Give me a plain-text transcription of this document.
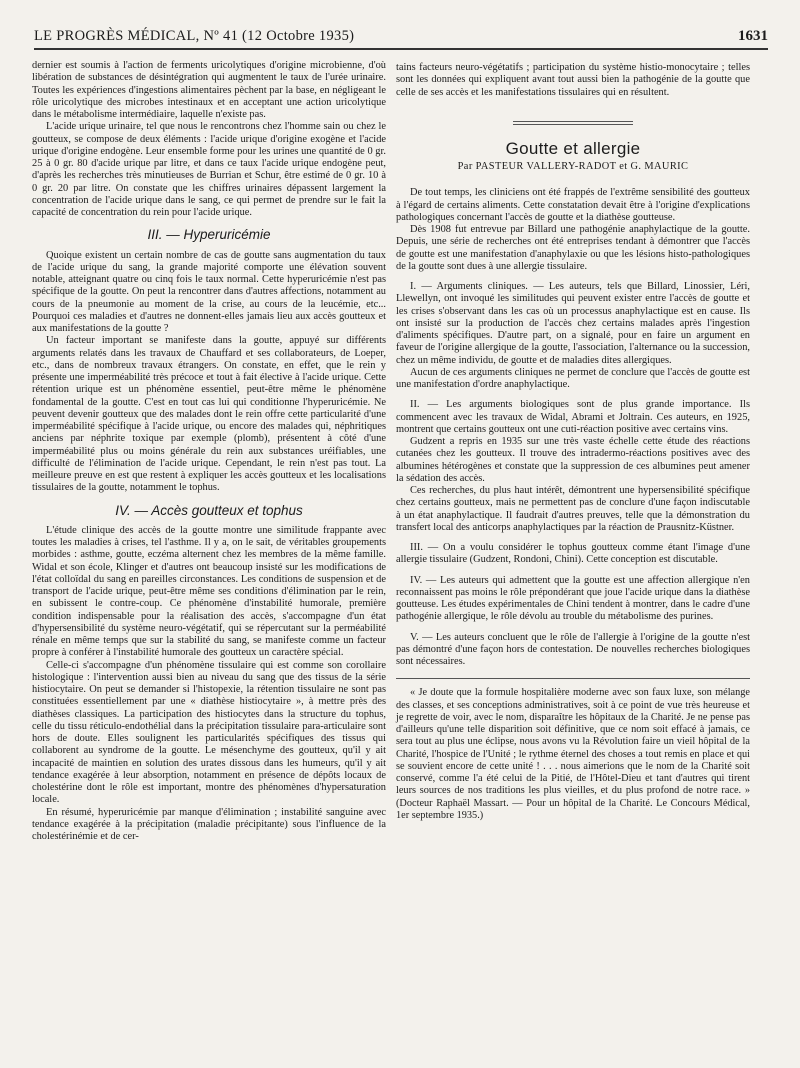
LE PROGRÈS MÉDICAL, Nº 41 (12 Octobre 1935)	1631

dernier est soumis à l'action de ferments uricolytiques d'origine microbienne, d'où libération de substances de désintégration qui augmentent le taux de l'urée urinaire. Toutes les expériences d'ingestions alimentaires pèchent par la base, en négligeant le rôle uricolytique des microbes intestinaux et en acceptant une action uricolytique dans le métabolisme intermédiaire, laquelle n'existe pas.

L'acide urique urinaire, tel que nous le rencontrons chez l'homme sain ou chez le goutteux, se compose de deux éléments : l'acide urique d'origine exogène et l'acide urique d'origine endogène. Leur ensemble forme pour les urines une quantité de 0 gr. 25 à 0 gr. 80 d'acide urique par litre, et dans ce taux l'acide urique endogène peut, d'après les recherches très minutieuses de Burrian et Schur, être estimé de 0 gr. 10 à 0 gr. 20 par litre. On constate que les chiffres urinaires dépassent largement la concentration de l'acide urique dans le sang, ce qui permet de prendre sur le fait la capacité de concentration du rein pour l'acide urique.

III. — Hyperuricémie

Quoique existent un certain nombre de cas de goutte sans augmentation du taux de l'acide urique du sang, la grande majorité comporte une élévation souvent notable, atteignant quatre ou cinq fois le taux normal. Cette hyperuricémie n'est pas spécifique de la goutte. On peut la rencontrer dans d'autres affections, notamment au cours de la pneumonie au moment de la crise, au cours de la leucémie, etc... Pourquoi ces maladies et d'autres ne donnent-elles jamais lieu aux accès goutteux et aux manifestations de la goutte ?

Un facteur important se manifeste dans la goutte, appuyé sur différents arguments relatés dans les travaux de Chauffard et ses collaborateurs, de Loeper, etc., dans de nombreux travaux étrangers. On constate, en effet, que le rein y présente une imperméabilité très précoce et tout à fait élective à l'acide urique. Cette rétention urique est un phénomène essentiel, peut-être même le phénomène fondamental de la goutte. C'est en tout cas lui qui conditionne l'hyperuricémie. Ne peuvent devenir goutteux que des malades dont le rein offre cette particularité d'une imperméabilité spécifique à l'acide urique, ou encore des malades qui, néphritiques anciens par néphrite toxique par exemple (plomb), présentent à côté d'une imperméabilité plus ou moins générale du rein aux substances uréifiables, une difficulté de l'élimination de l'acide urique. Cependant, le rein n'est pas tout. La meilleure preuve en est que restent à expliquer les accès goutteux et les localisations tissulaires de la goutte, notamment le tophus.

IV. — Accès goutteux et tophus

L'étude clinique des accès de la goutte montre une similitude frappante avec toutes les maladies à crises, tel l'asthme. Il y a, on le sait, de véritables groupements morbides : asthme, goutte, eczéma alternent chez les membres de la même famille. Widal et son école, Klinger et d'autres ont beaucoup insisté sur les modifications de l'état colloïdal du sang en pareilles circonstances. Les conditions de suspension et de transport de l'acide urique, peut-être même ses conditions d'élimination par le rein, en subissent le contre-coup. Ce phénomène d'instabilité humorale, première condition indispensable pour la réalisation des accès, s'accompagne d'un état d'hypersensibilité du système neuro-végétatif, qui se répercutant sur la perméabilité rénale en même temps que sur la stabilité du sang, se manifeste comme un facteur propre à conférer à l'instabilité humorale des goutteux un caractère spécial.

Celle-ci s'accompagne d'un phénomène tissulaire qui est comme son corollaire histologique : l'intervention aussi bien au niveau du sang que des tissus de la série histiocytaire. On peut se demander si l'histopexie, la rétention tissulaire ne sont pas constituées essentiellement par une « diathèse histiocytaire », à mettre près des diathèses classiques. La participation des histiocytes dans la structure du tophus, celle du tissu réticulo-endothélial dans la précipitation tissulaire para-articulaire sont hors de doute. Elles soulignent les particularités spécifiques des tissus qui collaborent au syndrome de la goutte. Le mésenchyme des goutteux, qu'il y ait incapacité de maintien en solution des urates dissous dans les humeurs, qu'il y ait tendance exagérée à leur absorption, notamment en présence de dépôts locaux de cholestérine dont le rôle est important, montre des phénomènes d'hypersaturation locale.

En résumé, hyperuricémie par manque d'élimination ; instabilité sanguine avec tendance exagérée à la précipitation (maladie précipitante) sous l'influence de la cholestérinémie et de cer-

tains facteurs neuro-végétatifs ; participation du système histio-monocytaire ; telles sont les données qui expliquent avant tout aussi bien la pathogénie de la goutte que celle de ses accès et les manifestations tissulaires qui en résultent.

Goutte et allergie
Par PASTEUR VALLERY-RADOT et G. MAURIC

De tout temps, les cliniciens ont été frappés de l'extrême sensibilité des goutteux à l'égard de certains aliments. Cette constatation devait être à l'origine d'explications pathologiques concernant l'accès de goutte et la diathèse goutteuse.

Dès 1908 fut entrevue par Billard une pathogénie anaphylactique de la goutte. Depuis, une série de recherches ont été entreprises tendant à démontrer que l'accès de goutte est une manifestation d'anaphylaxie ou que les lésions histo-pathologiques de la goutte sont dues à une allergie tissulaire.

I. — Arguments cliniques. — Les auteurs, tels que Billard, Linossier, Léri, Llewellyn, ont invoqué les similitudes qui peuvent exister entre l'accès de goutte et les crises s'observant dans les cas où un processus anaphylactique est en cause. Ils ont insisté sur la production de l'accès chez certains malades après l'ingestion d'aliments spécifiques. D'autre part, on a signalé, pour en faire un argument en faveur de l'origine allergique de la goutte, l'association, l'alternance ou la succession, chez un même individu, de goutte et de maladies dites allergiques.

Aucun de ces arguments cliniques ne permet de conclure que l'accès de goutte est une manifestation d'ordre anaphylactique.

II. — Les arguments biologiques sont de plus grande importance. Ils commencent avec les travaux de Widal, Abrami et Joltrain. Ces auteurs, en 1925, montrent que certains goutteux ont une cuti-réaction positive avec certains vins.

Gudzent a repris en 1935 sur une très vaste échelle cette étude des réactions cutanées chez les goutteux. Il trouve des intradermo-réactions positives avec des albumines hétérogènes et constate que la suppression de ces albumines peut amener la sédation des accès.

Ces recherches, du plus haut intérêt, démontrent une hypersensibilité spécifique chez certains goutteux, mais ne permettent pas de conclure d'une façon indiscutable à un état anaphylactique. Il faudrait d'autres preuves, telle que la démonstration du transfert local des anticorps anaphylactiques par la réaction de Prausnitz-Küstner.

III. — On a voulu considérer le tophus goutteux comme étant l'image d'une allergie tissulaire (Gudzent, Rondoni, Chini). Cette conception est discutable.

IV. — Les auteurs qui admettent que la goutte est une affection allergique n'en reconnaissent pas moins le rôle prépondérant que joue l'acide urique dans la diathèse goutteuse. Les études expérimentales de Chini tendent à montrer, dans le cadre d'une pathogénie allergique, le rôle dévolu au trouble du métabolisme des purines.

V. — Les auteurs concluent que le rôle de l'allergie à l'origine de la goutte n'est pas démontré d'une façon hors de contestation. De nouvelles recherches biologiques sont nécessaires.

« Je doute que la formule hospitalière moderne avec son faux luxe, son mélange des classes, et ses conceptions administratives, soit à ce point de vue très heureuse et je regrette de voir, avec le nom, disparaître les hôpitaux de la Charité. Je ne pense pas d'ailleurs qu'une telle disparition soit définitive, que ce nom soit effacé à jamais, ce sera tout au plus une éclipse, nous avons vu la Révolution faire un vieil hôpital de la Charité, l'hospice de l'Unité ; le rythme éternel des choses a tout remis en place et qui se souvient encore de cette unité ! . . . nous aimerions que le nom de la Charité soit conservé, comme l'a été celui de la Pitié, de l'Hôtel-Dieu et tant d'autres qui tirent leurs sources de nos traditions les plus vieilles, et du plus profond de notre race. » (Docteur Raphaël Massart. — Pour un hôpital de la Charité. Le Concours Médical, 1er septembre 1935.)
